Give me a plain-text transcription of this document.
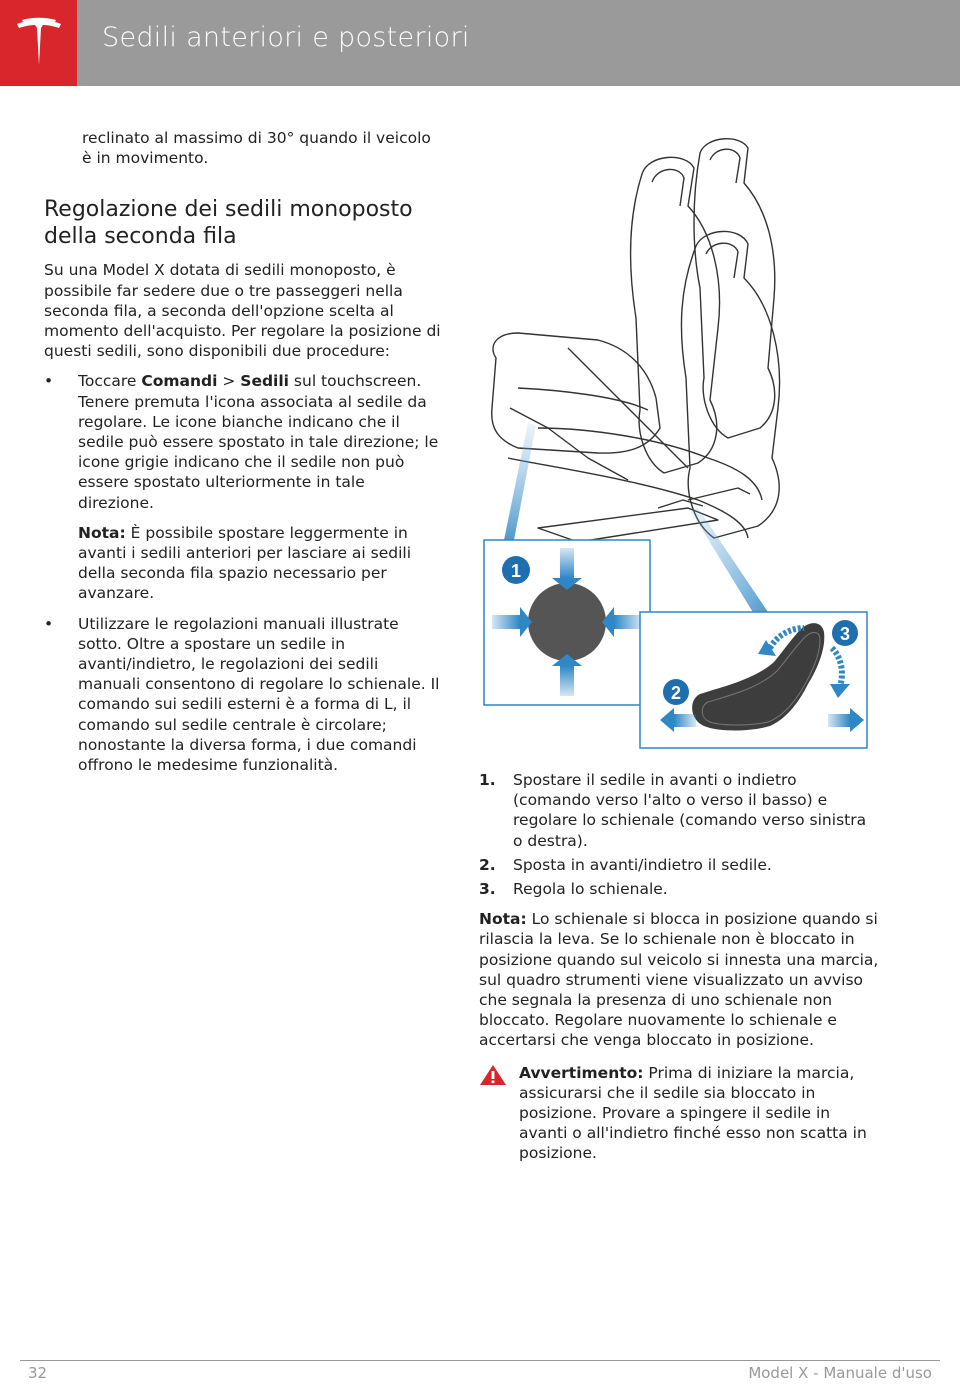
Sedili anteriori e posteriori

reclinato al massimo di 30° quando il veicolo è in movimento.

Regolazione dei sedili monoposto della seconda fila

Su una Model X dotata di sedili monoposto, è possibile far sedere due o tre passeggeri nella seconda fila, a seconda dell'opzione scelta al momento dell'acquisto. Per regolare la posizione di questi sedili, sono disponibili due procedure:

• Toccare Comandi > Sedili sul touchscreen. Tenere premuta l'icona associata al sedile da regolare. Le icone bianche indicano che il sedile può essere spostato in tale direzione; le icone grigie indicano che il sedile non può essere spostato ulteriormente in tale direzione.

Nota: È possibile spostare leggermente in avanti i sedili anteriori per lasciare ai sedili della seconda fila spazio necessario per avanzare.

• Utilizzare le regolazioni manuali illustrate sotto. Oltre a spostare un sedile in avanti/indietro, le regolazioni dei sedili manuali consentono di regolare lo schienale. Il comando sui sedili esterni è a forma di L, il comando sul sedile centrale è circolare; nonostante la diversa forma, i due comandi offrono le medesime funzionalità.
1
2
3
1. Spostare il sedile in avanti o indietro (comando verso l'alto o verso il basso) e regolare lo schienale (comando verso sinistra o destra).
2. Sposta in avanti/indietro il sedile.
3. Regola lo schienale.

Nota: Lo schienale si blocca in posizione quando si rilascia la leva. Se lo schienale non è bloccato in posizione quando sul veicolo si innesta una marcia, sul quadro strumenti viene visualizzato un avviso che segnala la presenza di uno schienale non bloccato. Regolare nuovamente lo schienale e accertarsi che venga bloccato in posizione.

Avvertimento: Prima di iniziare la marcia, assicurarsi che il sedile sia bloccato in posizione. Provare a spingere il sedile in avanti o all'indietro finché esso non scatta in posizione.

32	Model X - Manuale d'uso
